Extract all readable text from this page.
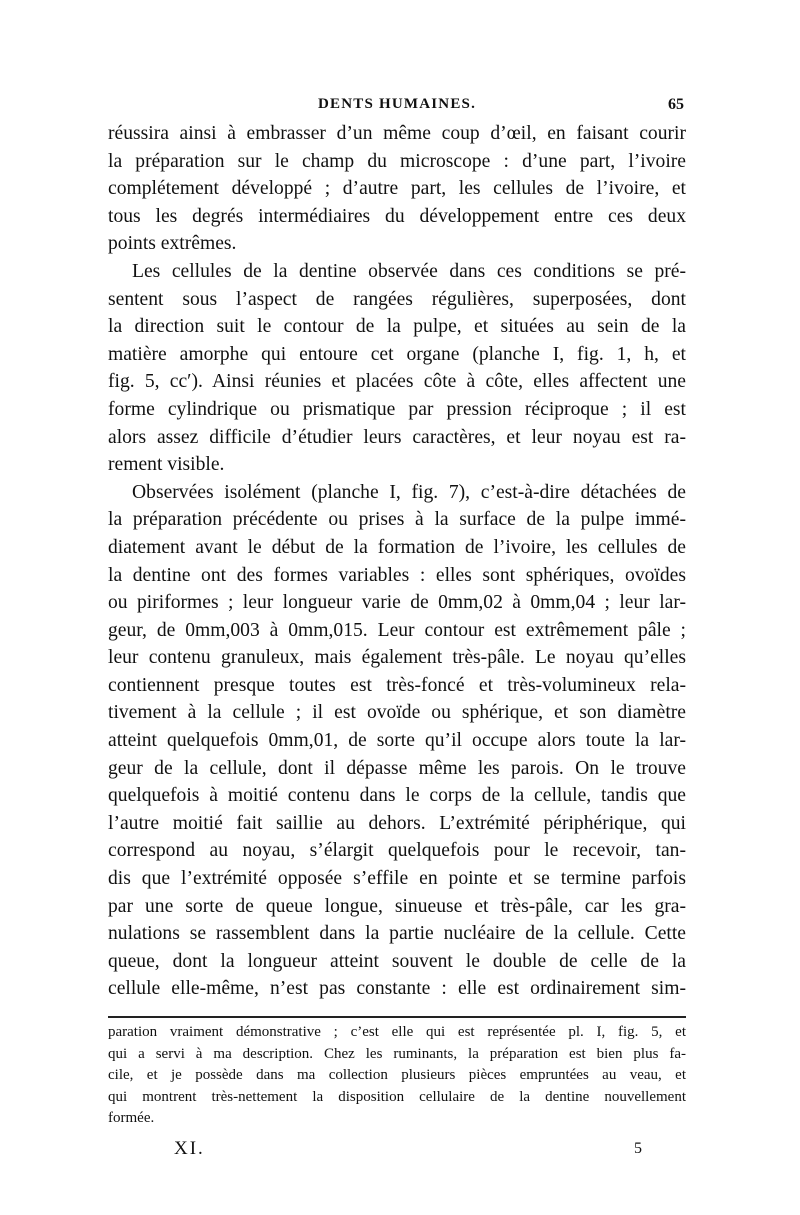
DENTS HUMAINES.	65
réussira ainsi à embrasser d’un même coup d’œil, en faisant courir
la préparation sur le champ du microscope : d’une part, l’ivoire
complétement développé ; d’autre part, les cellules de l’ivoire, et
tous les degrés intermédiaires du développement entre ces deux
points extrêmes.
Les cellules de la dentine observée dans ces conditions se pré-
sentent sous l’aspect de rangées régulières, superposées, dont
la direction suit le contour de la pulpe, et situées au sein de la
matière amorphe qui entoure cet organe (planche I, fig. 1, h, et
fig. 5, cc′). Ainsi réunies et placées côte à côte, elles affectent une
forme cylindrique ou prismatique par pression réciproque ; il est
alors assez difficile d’étudier leurs caractères, et leur noyau est ra-
rement visible.
Observées isolément (planche I, fig. 7), c’est-à-dire détachées de
la préparation précédente ou prises à la surface de la pulpe immé-
diatement avant le début de la formation de l’ivoire, les cellules de
la dentine ont des formes variables : elles sont sphériques, ovoïdes
ou piriformes ; leur longueur varie de 0mm,02 à 0mm,04 ; leur lar-
geur, de 0mm,003 à 0mm,015. Leur contour est extrêmement pâle ;
leur contenu granuleux, mais également très-pâle. Le noyau qu’elles
contiennent presque toutes est très-foncé et très-volumineux rela-
tivement à la cellule ; il est ovoïde ou sphérique, et son diamètre
atteint quelquefois 0mm,01, de sorte qu’il occupe alors toute la lar-
geur de la cellule, dont il dépasse même les parois. On le trouve
quelquefois à moitié contenu dans le corps de la cellule, tandis que
l’autre moitié fait saillie au dehors. L’extrémité périphérique, qui
correspond au noyau, s’élargit quelquefois pour le recevoir, tan-
dis que l’extrémité opposée s’effile en pointe et se termine parfois
par une sorte de queue longue, sinueuse et très-pâle, car les gra-
nulations se rassemblent dans la partie nucléaire de la cellule. Cette
queue, dont la longueur atteint souvent le double de celle de la
cellule elle-même, n’est pas constante : elle est ordinairement sim-
paration vraiment démonstrative ; c’est elle qui est représentée pl. I, fig. 5, et
qui a servi à ma description. Chez les ruminants, la préparation est bien plus fa-
cile, et je possède dans ma collection plusieurs pièces empruntées au veau, et
qui montrent très-nettement la disposition cellulaire de la dentine nouvellement
formée.
XI.	5
